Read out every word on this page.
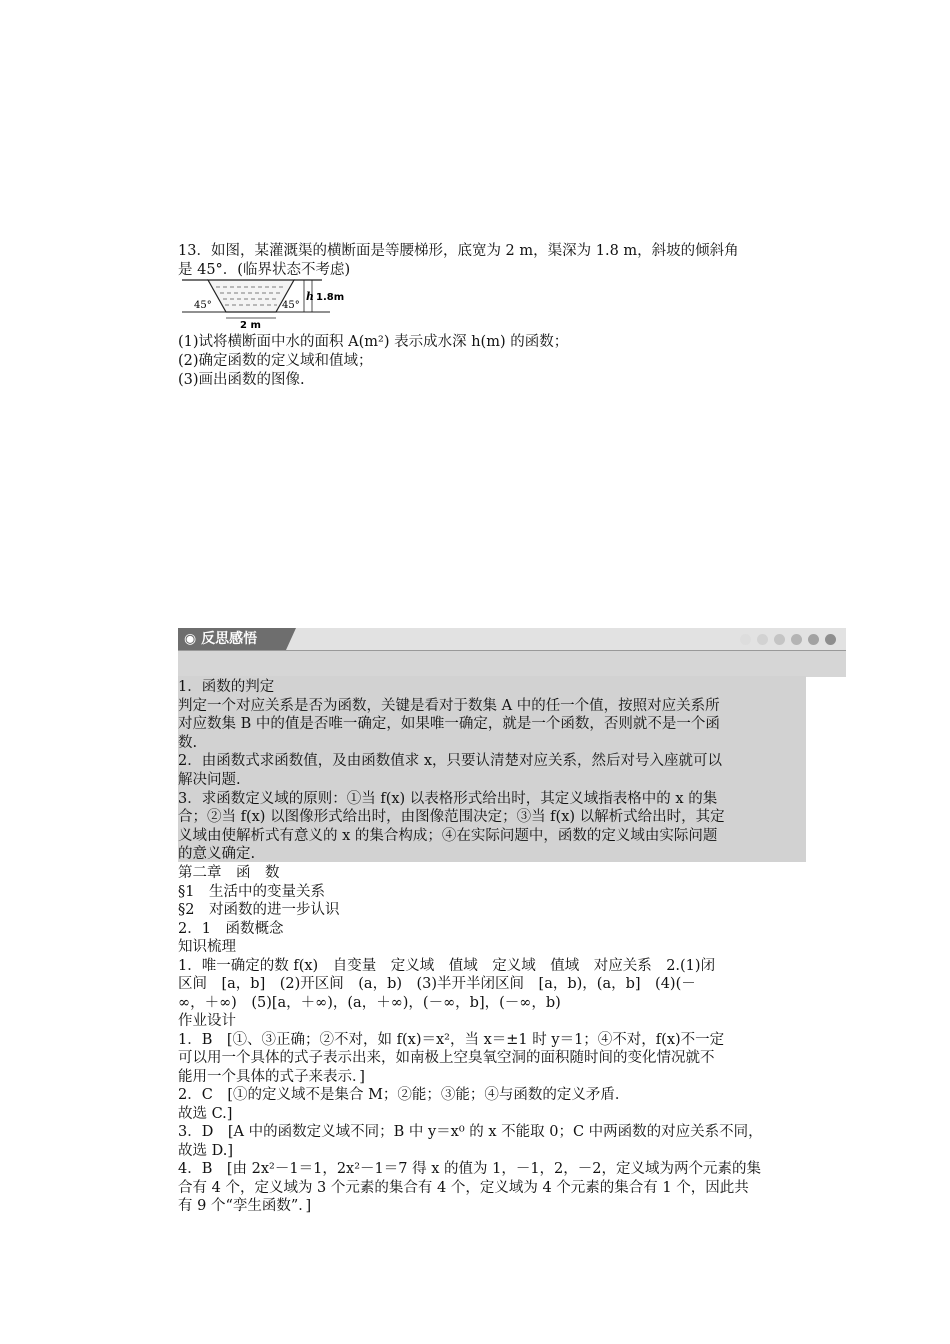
13．如图，某灌溉渠的横断面是等腰梯形，底宽为 2 m，渠深为 1.8 m，斜坡的倾斜角
是 45°．(临界状态不考虑)
45°	45°
h 1.8m
2 m
(1)试将横断面中水的面积 A(m²) 表示成水深 h(m) 的函数；
(2)确定函数的定义域和值域；
(3)画出函数的图像.
◉ 反思感悟
1．函数的判定
判定一个对应关系是否为函数，关键是看对于数集 A 中的任一个值，按照对应关系所
对应数集 B 中的值是否唯一确定，如果唯一确定，就是一个函数，否则就不是一个函
数.
2．由函数式求函数值，及由函数值求 x，只要认清楚对应关系，然后对号入座就可以
解决问题.
3．求函数定义域的原则：①当 f(x) 以表格形式给出时，其定义域指表格中的 x 的集
合；②当 f(x) 以图像形式给出时，由图像范围决定；③当 f(x) 以解析式给出时，其定
义域由使解析式有意义的 x 的集合构成；④在实际问题中，函数的定义域由实际问题
的意义确定.
第二章　函　数
§1　生活中的变量关系
§2　对函数的进一步认识
2．1　函数概念
知识梳理
1．唯一确定的数 f(x)　自变量　定义域　值域　定义域　值域　对应关系　2.(1)闭
区间　[a，b]　(2)开区间　(a，b)　(3)半开半闭区间　[a，b)，(a，b]　(4)(－
∞，＋∞)　(5)[a，＋∞)，(a，＋∞)，(－∞，b]，(－∞，b)
作业设计
1．B　[①、③正确；②不对，如 f(x)＝x²，当 x＝±1 时 y＝1；④不对，f(x)不一定
可以用一个具体的式子表示出来，如南极上空臭氧空洞的面积随时间的变化情况就不
能用一个具体的式子来表示．]
2．C　[①的定义域不是集合 M；②能；③能；④与函数的定义矛盾．
故选 C.]
3．D　[A 中的函数定义域不同；B 中 y＝x⁰ 的 x 不能取 0；C 中两函数的对应关系不同，
故选 D.]
4．B　[由 2x²－1＝1，2x²－1＝7 得 x 的值为 1，－1，2，－2，定义域为两个元素的集
合有 4 个，定义域为 3 个元素的集合有 4 个，定义域为 4 个元素的集合有 1 个，因此共
有 9 个“孪生函数”．]
